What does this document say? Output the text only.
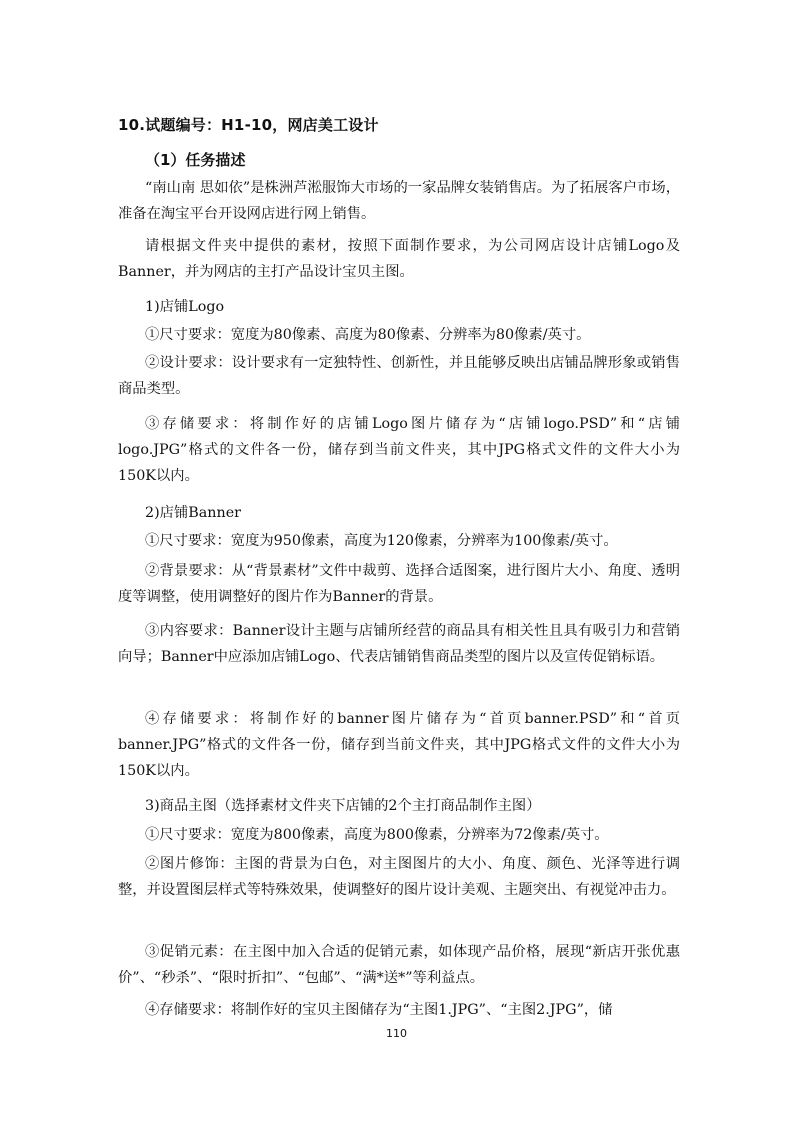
10.试题编号：H1-10，网店美工设计
（1）任务描述

“南山南 思如依”是株洲芦淞服饰大市场的一家品牌女装销售店。为了拓展客户市场，准备在淘宝平台开设网店进行网上销售。

请根据文件夹中提供的素材，按照下面制作要求，为公司网店设计店铺Logo及Banner，并为网店的主打产品设计宝贝主图。

1)店铺Logo

①尺寸要求：宽度为80像素、高度为80像素、分辨率为80像素/英寸。

②设计要求：设计要求有一定独特性、创新性，并且能够反映出店铺品牌形象或销售商品类型。

③存储要求：将制作好的店铺Logo图片储存为“店铺logo.PSD”和“店铺logo.JPG”格式的文件各一份，储存到当前文件夹，其中JPG格式文件的文件大小为150K以内。

2)店铺Banner

①尺寸要求：宽度为950像素，高度为120像素，分辨率为100像素/英寸。

②背景要求：从“背景素材”文件中裁剪、选择合适图案，进行图片大小、角度、透明度等调整，使用调整好的图片作为Banner的背景。

③内容要求：Banner设计主题与店铺所经营的商品具有相关性且具有吸引力和营销向导；Banner中应添加店铺Logo、代表店铺销售商品类型的图片以及宣传促销标语。

④存储要求：将制作好的banner图片储存为“首页banner.PSD”和“首页banner.JPG”格式的文件各一份，储存到当前文件夹，其中JPG格式文件的文件大小为150K以内。

3)商品主图（选择素材文件夹下店铺的2个主打商品制作主图）

①尺寸要求：宽度为800像素，高度为800像素，分辨率为72像素/英寸。

②图片修饰：主图的背景为白色，对主图图片的大小、角度、颜色、光泽等进行调整，并设置图层样式等特殊效果，使调整好的图片设计美观、主题突出、有视觉冲击力。

③促销元素：在主图中加入合适的促销元素，如体现产品价格，展现“新店开张优惠价”、“秒杀”、“限时折扣”、“包邮”、“满*送*”等利益点。

④存储要求：将制作好的宝贝主图储存为“主图1.JPG”、“主图2.JPG”，储

110
